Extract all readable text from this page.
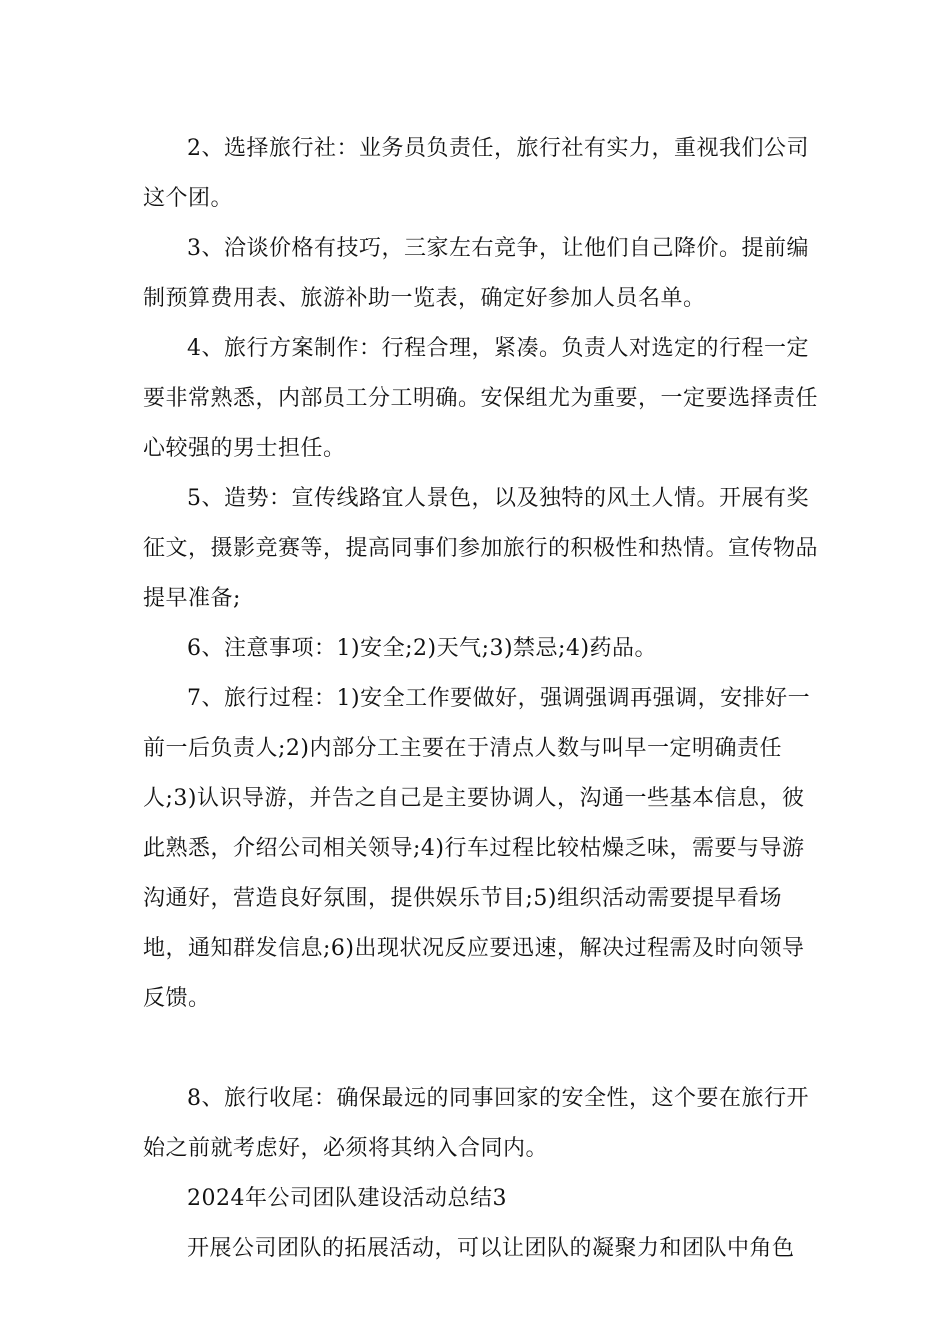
2、选择旅行社：业务员负责任，旅行社有实力，重视我们公司这个团。

3、洽谈价格有技巧，三家左右竞争，让他们自己降价。提前编制预算费用表、旅游补助一览表，确定好参加人员名单。

4、旅行方案制作：行程合理，紧凑。负责人对选定的行程一定要非常熟悉，内部员工分工明确。安保组尤为重要，一定要选择责任心较强的男士担任。

5、造势：宣传线路宜人景色，以及独特的风土人情。开展有奖征文，摄影竞赛等，提高同事们参加旅行的积极性和热情。宣传物品提早准备;

6、注意事项：1)安全;2)天气;3)禁忌;4)药品。

7、旅行过程：1)安全工作要做好，强调强调再强调，安排好一前一后负责人;2)内部分工主要在于清点人数与叫早一定明确责任人;3)认识导游，并告之自己是主要协调人，沟通一些基本信息，彼此熟悉，介绍公司相关领导;4)行车过程比较枯燥乏味，需要与导游沟通好，营造良好氛围，提供娱乐节目;5)组织活动需要提早看场地，通知群发信息;6)出现状况反应要迅速，解决过程需及时向领导反馈。

8、旅行收尾：确保最远的同事回家的安全性，这个要在旅行开始之前就考虑好，必须将其纳入合同内。

2024年公司团队建设活动总结3

开展公司团队的拓展活动，可以让团队的凝聚力和团队中角色
